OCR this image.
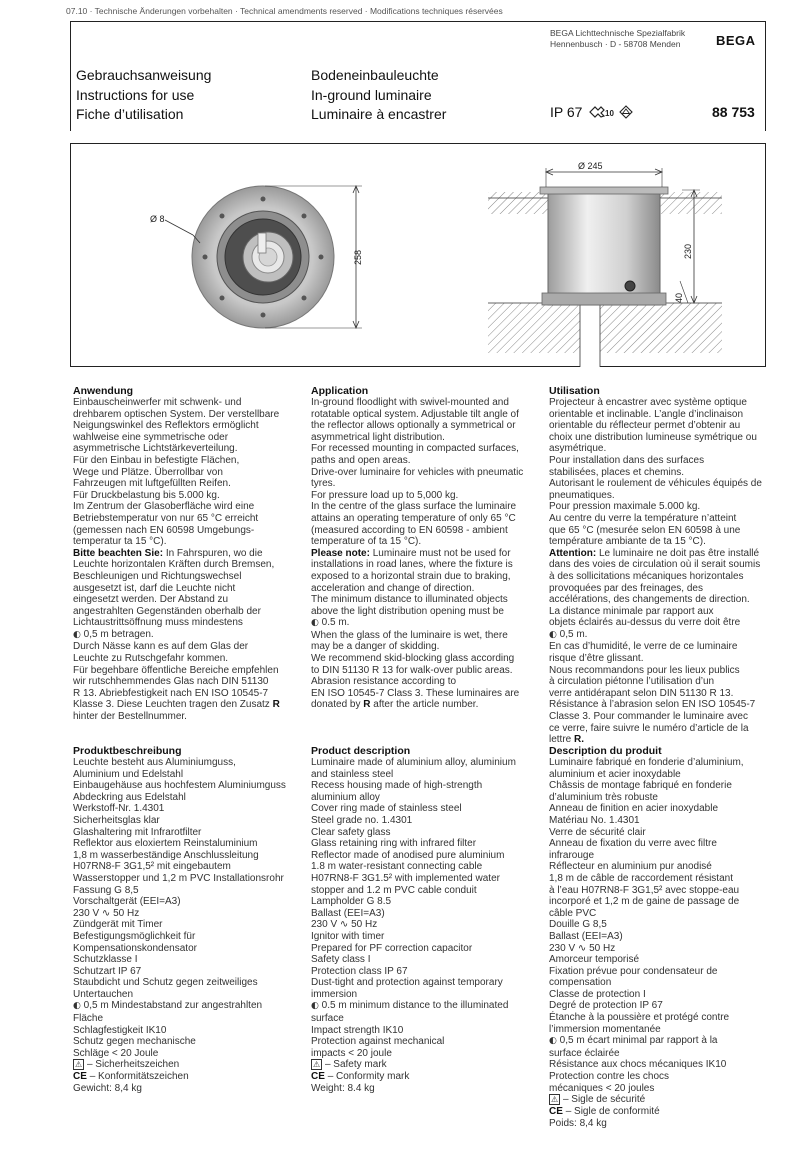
07.10 · Technische Änderungen vorbehalten · Technical amendments reserved · Modifications techniques réservées
BEGA Lichttechnische Spezialfabrik
Hennenbusch · D - 58708 Menden	BEGA
Gebrauchsanweisung
Instructions for use
Fiche d’utilisation
Bodeneinbauleuchte
In-ground luminaire
Luminaire à encastrer	IP 67	10
	88 753
Ø 8
258
Ø 245
230
40
Anwendung

Einbauscheinwerfer mit schwenk- und

drehbarem optischen System. Der verstellbare

Neigungswinkel des Reflektors ermöglicht

wahlweise eine symmetrische oder

asymmetrische Lichtstärkeverteilung.

Für den Einbau in befestigte Flächen,

Wege und Plätze. Überrollbar von

Fahrzeugen mit luftgefüllten Reifen.

Für Druckbelastung bis 5.000 kg.

Im Zentrum der Glasoberfläche wird eine

Betriebstemperatur von nur 65 °C erreicht

(gemessen nach EN 60598 Umgebungs-

temperatur ta 15 °C).

Bitte beachten Sie: In Fahrspuren, wo die

Leuchte horizontalen Kräften durch Bremsen,

Beschleunigen und Richtungswechsel

ausgesetzt ist, darf die Leuchte nicht

eingesetzt werden. Der Abstand zu

angestrahlten Gegenständen oberhalb der

Lichtaustrittsöffnung muss mindestens

◐ 0,5 m betragen.

Durch Nässe kann es auf dem Glas der

Leuchte zu Rutschgefahr kommen.

Für begehbare öffentliche Bereiche empfehlen

wir rutschhemmendes Glas nach DIN 51130

R 13. Abriebfestigkeit nach EN ISO 10545-7

Klasse 3. Diese Leuchten tragen den Zusatz R

hinter der Bestellnummer.

Application

In-ground floodlight with swivel-mounted and

rotatable optical system. Adjustable tilt angle of

the reflector allows optionally a symmetrical or

asymmetrical light distribution.

For recessed mounting in compacted surfaces,

paths and open areas.

Drive-over luminaire for vehicles with pneumatic

tyres.

For pressure load up to 5,000 kg.

In the centre of the glass surface the luminaire

attains an operating temperature of only 65 °C

(measured according to EN 60598 - ambient

temperature of ta 15 °C).

Please note: Luminaire must not be used for

installations in road lanes, where the fixture is

exposed to a horizontal strain due to braking,

acceleration and change of direction.

The minimum distance to illuminated objects

above the light distribution opening must be

◐ 0.5 m.

When the glass of the luminaire is wet, there

may be a danger of skidding.

We recommend skid-blocking glass according

to DIN 51130 R 13 for walk-over public areas.

Abrasion resistance according to

EN ISO 10545-7 Class 3. These luminaires are

donated by R after the article number.

Utilisation

Projecteur à encastrer avec système optique

orientable et inclinable. L’angle d’inclinaison

orientable du réflecteur permet d’obtenir au

choix une distribution lumineuse symétrique ou

asymétrique.

Pour installation dans des surfaces

stabilisées, places et chemins.

Autorisant le roulement de véhicules équipés de

pneumatiques.

Pour pression maximale 5.000 kg.

Au centre du verre la température n’atteint

que 65 °C (mesurée selon EN 60598 à une

température ambiante de ta 15 °C).

Attention: Le luminaire ne doit pas être installé

dans des voies de circulation où il serait soumis

à des sollicitations mécaniques horizontales

provoquées par des freinages, des

accélérations, des changements de direction.

La distance minimale par rapport aux

objets éclairés au-dessus du verre doit être

◐ 0,5 m.

En cas d’humidité, le verre de ce luminaire

risque d’être glissant.

Nous recommandons pour les lieux publics

à circulation piétonne l’utilisation d’un

verre antidérapant selon DIN 51130 R 13.

Résistance à l’abrasion selon EN ISO 10545-7

Classe 3. Pour commander le luminaire avec

ce verre, faire suivre le numéro d’article de la

lettre R.

Produktbeschreibung

Leuchte besteht aus Aluminiumguss,

Aluminium und Edelstahl

Einbaugehäuse aus hochfestem Aluminiumguss

Abdeckring aus Edelstahl

Werkstoff-Nr. 1.4301

Sicherheitsglas klar

Glashaltering mit Infrarotfilter

Reflektor aus eloxiertem Reinstaluminium

1,8 m wasserbeständige Anschlussleitung

H07RN8-F 3G1,5² mit eingebautem

Wasserstopper und 1,2 m PVC Installationsrohr

Fassung G 8,5

Vorschaltgerät (EEI=A3)

230 V ∿ 50 Hz

Zündgerät mit Timer

Befestigungsmöglichkeit für

Kompensationskondensator

Schutzklasse I

Schutzart IP 67

Staubdicht und Schutz gegen zeitweiliges

Untertauchen

◐ 0,5 m Mindestabstand zur angestrahlten

Fläche

Schlagfestigkeit IK10

Schutz gegen mechanische

Schläge < 20 Joule

⚠ – Sicherheitszeichen

CE – Konformitätszeichen

Gewicht: 8,4 kg

Product description

Luminaire made of aluminium alloy, aluminium

and stainless steel

Recess housing made of high-strength

aluminium alloy

Cover ring made of stainless steel

Steel grade no. 1.4301

Clear safety glass

Glass retaining ring with infrared filter

Reflector made of anodised pure aluminium

1.8 m water-resistant connecting cable

H07RN8-F 3G1.5² with implemented water

stopper and 1.2 m PVC cable conduit

Lampholder G 8.5

Ballast (EEI=A3)

230 V ∿ 50 Hz

Ignitor with timer

Prepared for PF correction capacitor

Safety class I

Protection class IP 67

Dust-tight and protection against temporary

immersion

◐ 0.5 m minimum distance to the illuminated

surface

Impact strength IK10

Protection against mechanical

impacts < 20 joule

⚠ – Safety mark

CE – Conformity mark

Weight: 8.4 kg

Description du produit

Luminaire fabriqué en fonderie d’aluminium,

aluminium et acier inoxydable

Châssis de montage fabriqué en fonderie

d’aluminium très robuste

Anneau de finition en acier inoxydable

Matériau No. 1.4301

Verre de sécurité clair

Anneau de fixation du verre avec filtre

infrarouge

Réflecteur en aluminium pur anodisé

1,8 m de câble de raccordement résistant

à l’eau H07RN8-F 3G1,5² avec stoppe-eau

incorporé et 1,2 m de gaine de passage de

câble PVC

Douille G 8,5

Ballast (EEI=A3)

230 V ∿ 50 Hz

Amorceur temporisé

Fixation prévue pour condensateur de

compensation

Classe de protection I

Degré de protection IP 67

Étanche à la poussière et protégé contre

l’immersion momentanée

◐ 0,5 m écart minimal par rapport à la

surface éclairée

Résistance aux chocs mécaniques IK10

Protection contre les chocs

mécaniques < 20 joules

⚠ – Sigle de sécurité

CE – Sigle de conformité

Poids: 8,4 kg
